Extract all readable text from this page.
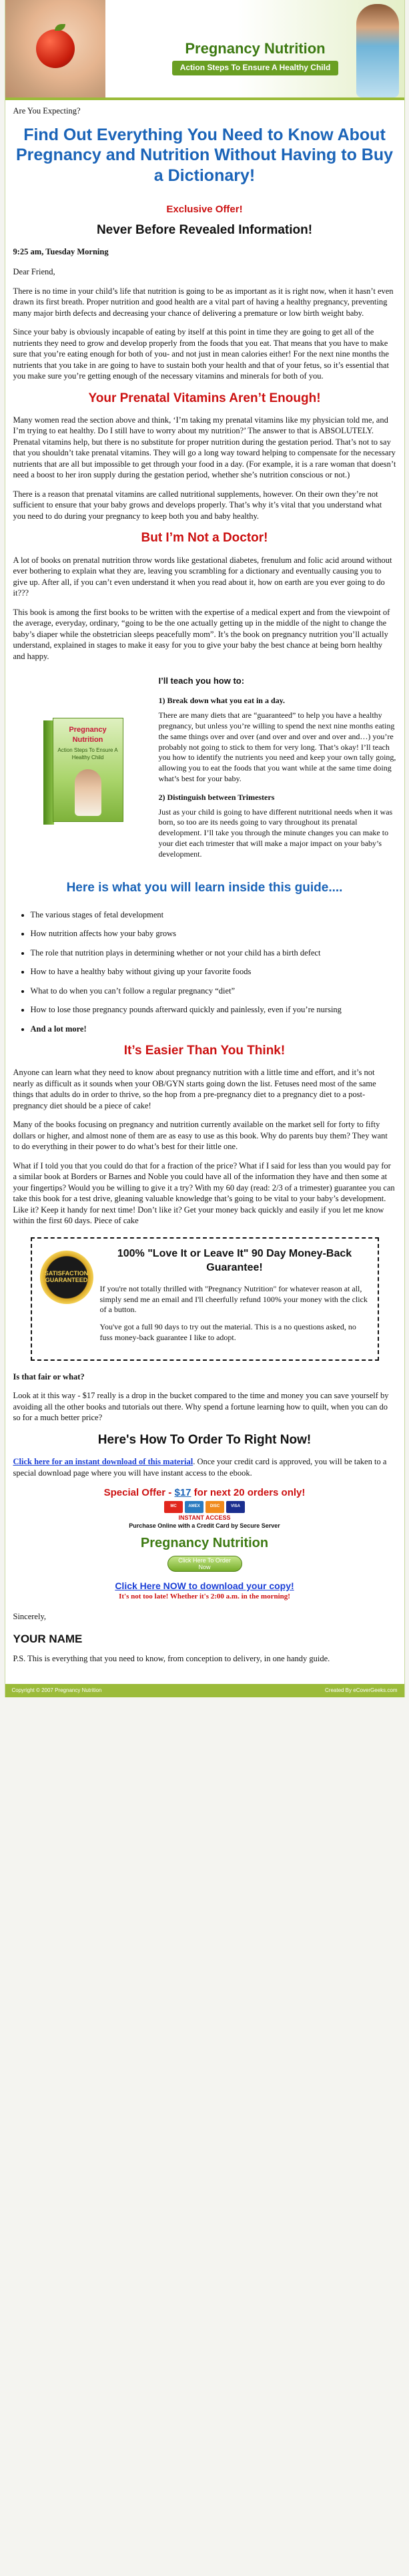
Pregnancy Nutrition
Action Steps To Ensure A Healthy Child

Are You Expecting?

Find Out Everything You Need to Know About Pregnancy and Nutrition Without Having to Buy a Dictionary!
Exclusive Offer!
Never Before Revealed Information!
9:25 am, Tuesday Morning

Dear Friend,

There is no time in your child’s life that nutrition is going to be as important as it is right now, when it hasn’t even drawn its first breath. Proper nutrition and good health are a vital part of having a healthy pregnancy, preventing many major birth defects and decreasing your chance of delivering a premature or low birth weight baby.

Since your baby is obviously incapable of eating by itself at this point in time they are going to get all of the nutrients they need to grow and develop properly from the foods that you eat. That means that you have to make sure that you’re eating enough for both of you- and not just in mean calories either! For the next nine months the nutrients that you take in are going to have to sustain both your health and that of your fetus, so it’s essential that you make sure you’re getting enough of the necessary vitamins and minerals for both of you.

Your Prenatal Vitamins Aren’t Enough!

Many women read the section above and think, ‘I’m taking my prenatal vitamins like my physician told me, and I’m trying to eat healthy. Do I still have to worry about my nutrition?’ The answer to that is ABSOLUTELY. Prenatal vitamins help, but there is no substitute for proper nutrition during the gestation period. That’s not to say that you shouldn’t take prenatal vitamins. They will go a long way toward helping to compensate for the necessary nutrients that are all but impossible to get through your food in a day. (For example, it is a rare woman that doesn’t need a boost to her iron supply during the gestation period, whether she’s nutrition conscious or not.)

There is a reason that prenatal vitamins are called nutritional supplements, however. On their own they’re not sufficient to ensure that your baby grows and develops properly. That’s why it’s vital that you understand what you need to do during your pregnancy to keep both you and baby healthy.

But I’m Not a Doctor!

A lot of books on prenatal nutrition throw words like gestational diabetes, frenulum and folic acid around without ever bothering to explain what they are, leaving you scrambling for a dictionary and eventually causing you to give up. After all, if you can’t even understand it when you read about it, how on earth are you ever going to do it???

This book is among the first books to be written with the expertise of a medical expert and from the viewpoint of the average, everyday, ordinary, “going to be the one actually getting up in the middle of the night to change the baby’s diaper while the obstetrician sleeps peacefully mom”. It’s the book on pregnancy nutrition you’ll actually understand, explained in stages to make it easy for you to give your baby the best chance at being born healthy and happy.

Pregnancy Nutrition
Action Steps To Ensure A Healthy Child
I’ll teach you how to:
1) Break down what you eat in a day.

There are many diets that are “guaranteed” to help you have a healthy pregnancy, but unless you’re willing to spend the next nine months eating the same things over and over (and over and over and over and…) you’re probably not going to stick to them for very long. That’s okay! I’ll teach you how to identify the nutrients you need and keep your own tally going, allowing you to eat the foods that you want while at the same time doing what’s best for your baby.

2) Distinguish between Trimesters

Just as your child is going to have different nutritional needs when it was born, so too are its needs going to vary throughout its prenatal development. I’ll take you through the minute changes you can make to your diet each trimester that will make a major impact on your baby’s development.

Here is what you will learn inside this guide....
• The various stages of fetal development
• How nutrition affects how your baby grows
• The role that nutrition plays in determining whether or not your child has a birth defect
• How to have a healthy baby without giving up your favorite foods
• What to do when you can’t follow a regular pregnancy “diet”
• How to lose those pregnancy pounds afterward quickly and painlessly, even if you’re nursing
• And a lot more!
It’s Easier Than You Think!

Anyone can learn what they need to know about pregnancy nutrition with a little time and effort, and it’s not nearly as difficult as it sounds when your OB/GYN starts going down the list. Fetuses need most of the same things that adults do in order to thrive, so the hop from a pre-pregnancy diet to a pregnancy diet to a post-pregnancy diet should be a piece of cake!

Many of the books focusing on pregnancy and nutrition currently available on the market sell for forty to fifty dollars or higher, and almost none of them are as easy to use as this book. Why do parents buy them? They want to do everything in their power to do what’s best for their little one.

What if I told you that you could do that for a fraction of the price? What if I said for less than you would pay for a similar book at Borders or Barnes and Noble you could have all of the information they have and then some at your fingertips? Would you be willing to give it a try? With my 60 day (read: 2/3 of a trimester) guarantee you can take this book for a test drive, gleaning valuable knowledge that’s going to be vital to your baby’s development. Like it? Keep it handy for next time! Don’t like it? Get your money back quickly and easily if you let me know within the first 60 days. Piece of cake

SATISFACTION GUARANTEED
100% "Love It or Leave It" 90 Day Money-Back Guarantee!

If you're not totally thrilled with "Pregnancy Nutrition" for whatever reason at all, simply send me an email and I'll cheerfully refund 100% your money with the click of a button.

You've got a full 90 days to try out the material. This is a no questions asked, no fuss money-back guarantee I like to adopt.

Is that fair or what?

Look at it this way - $17 really is a drop in the bucket compared to the time and money you can save yourself by avoiding all the other books and tutorials out there. Why spend a fortune learning how to quilt, when you can do so for a much better price?

Here's How To Order To Right Now!

Click here for an instant download of this material. Once your credit card is approved, you will be taken to a special download page where you will have instant access to the ebook.

Special Offer - $17 for next 20 orders only!
MC	AMEX	DISC	VISA
INSTANT ACCESS
Purchase Online with a Credit Card by Secure Server
Pregnancy Nutrition
Click Here To Order Now
Click Here NOW to download your copy!

It's not too late! Whether it's 2:00 a.m. in the morning!

Sincerely,

YOUR NAME

P.S. This is everything that you need to know, from conception to delivery, in one handy guide.

Copyright © 2007 Pregnancy Nutrition	Created By eCoverGeeks.com
